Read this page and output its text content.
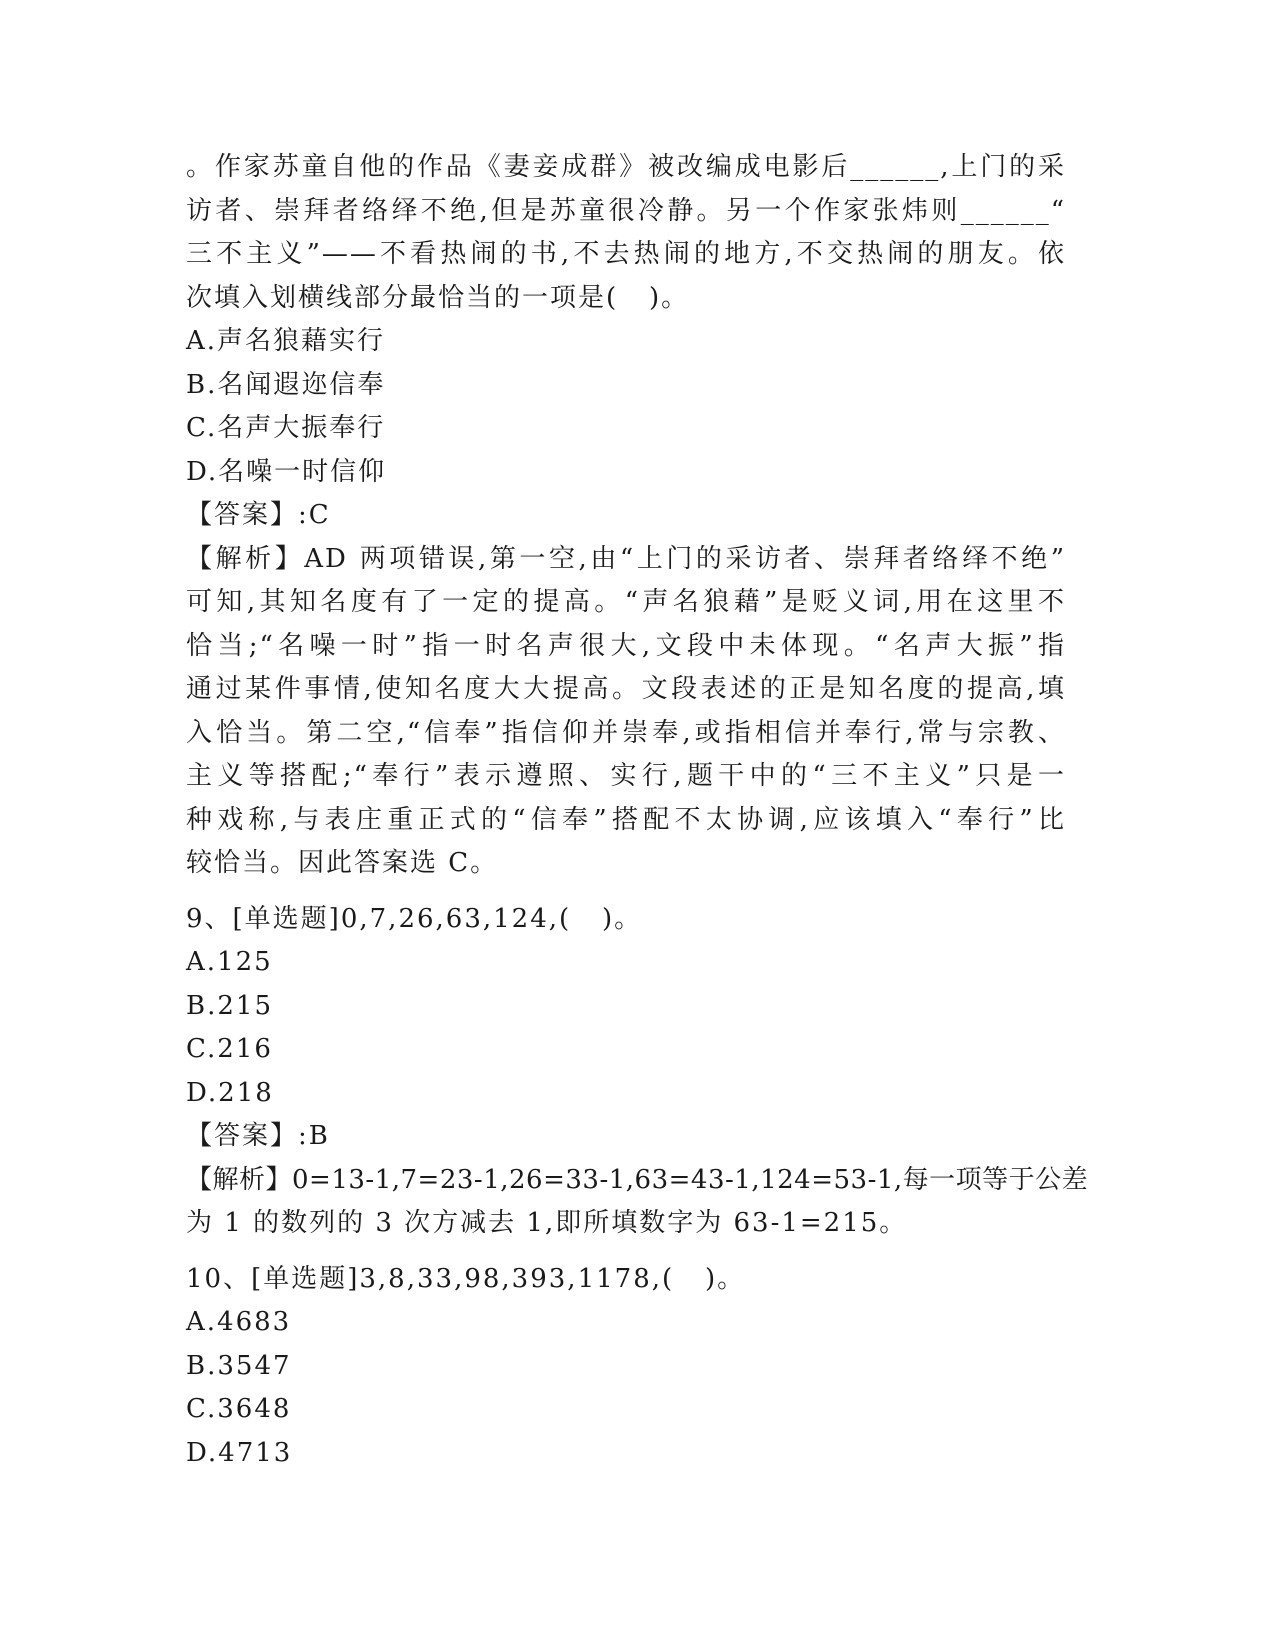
。作家苏童自他的作品《妻妾成群》被改编成电影后______,上门的采
访者、崇拜者络绎不绝,但是苏童很冷静。另一个作家张炜则______“
三不主义”——不看热闹的书,不去热闹的地方,不交热闹的朋友。依
次填入划横线部分最恰当的一项是(   )。
A.声名狼藉实行
B.名闻遐迩信奉
C.名声大振奉行
D.名噪一时信仰
【答案】:C
【解析】AD 两项错误,第一空,由“上门的采访者、崇拜者络绎不绝”
可知,其知名度有了一定的提高。“声名狼藉”是贬义词,用在这里不
恰当;“名噪一时”指一时名声很大,文段中未体现。“名声大振”指
通过某件事情,使知名度大大提高。文段表述的正是知名度的提高,填
入恰当。第二空,“信奉”指信仰并崇奉,或指相信并奉行,常与宗教、
主义等搭配;“奉行”表示遵照、实行,题干中的“三不主义”只是一
种戏称,与表庄重正式的“信奉”搭配不太协调,应该填入“奉行”比
较恰当。因此答案选 C。
9、[单选题]0,7,26,63,124,(   )。
A.125
B.215
C.216
D.218
【答案】:B
【解析】0=13-1,7=23-1,26=33-1,63=43-1,124=53-1,每一项等于公差
为 1 的数列的 3 次方减去 1,即所填数字为 63-1=215。
10、[单选题]3,8,33,98,393,1178,(   )。
A.4683
B.3547
C.3648
D.4713
